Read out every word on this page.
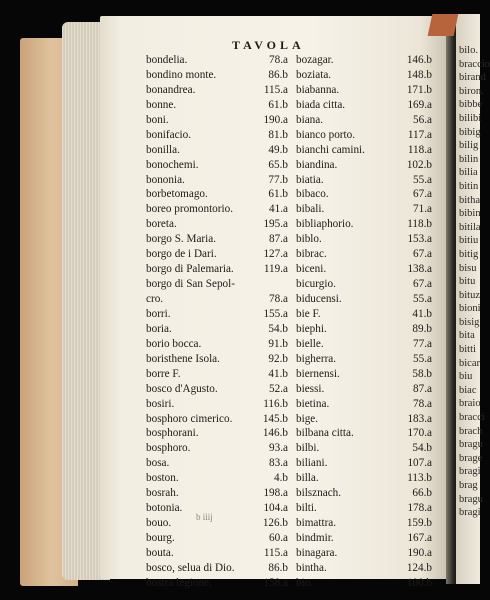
bilo.
braccio
birand
biron.
bibbe
bilibi
bibig
bilig
bilin
bilia
bitin
bitha
bibin
bitila
bitiu
bitig
bisu
bitu
bituz
bioni
bisig
bita
bitti
bicar
biu
biac
braio
bracci
brach
bragu
brage
bragi
brag
bragu
bragi
TAVOLA
bondelia.	78.a
bondino monte.	86.b
bonandrea.	115.a
bonne.	61.b
boni.	190.a
bonifacio.	81.b
bonilla.	49.b
bonochemi.	65.b
bononia.	77.b
borbetomago.	61.b
boreo promontorio.	41.a
boreta.	195.a
borgo S. Maria.	87.a
borgo de i Dari.	127.a
borgo di Palemaria.	119.a
borgo di San Sepol-
cro.	78.a
borri.	155.a
boria.	54.b
borio bocca.	91.b
boristhene Isola.	92.b
borre F.	41.b
bosco d'Agusto.	52.a
bosiri.	116.b
bosphoro cimerico.	145.b
bosphorani.	146.b
bosphoro.	93.a
bosa.	83.a
boston.	4.b
bosrah.	198.a
botonia.	104.a
bouo.	126.b
bourg.	60.a
bouta.	115.a
bosco, selua di Dio.	86.b
bostra legione.	158.a
bozagar.	146.b
boziata.	148.b
biabanna.	171.b
biada citta.	169.a
biana.	56.a
bianco porto.	117.a
bianchi camini.	118.a
biandina.	102.b
biatia.	55.a
bibaco.	67.a
bibali.	71.a
bibliaphorio.	118.b
biblo.	153.a
bibrac.	67.a
biceni.	138.a
bicurgio.	67.a
biducensi.	55.a
bie F.	41.b
biephi.	89.b
bielle.	77.a
bigherra.	55.a
biernensi.	58.b
biessi.	87.a
bietina.	78.a
bige.	183.a
bilbana citta.	170.a
bilbi.	54.b
biliani.	107.a
billa.	113.b
bilsznach.	66.b
bilti.	178.a
bimattra.	159.b
bindmir.	167.a
binagara.	190.a
bintha.	124.b
bio.	100.b
b iiij
